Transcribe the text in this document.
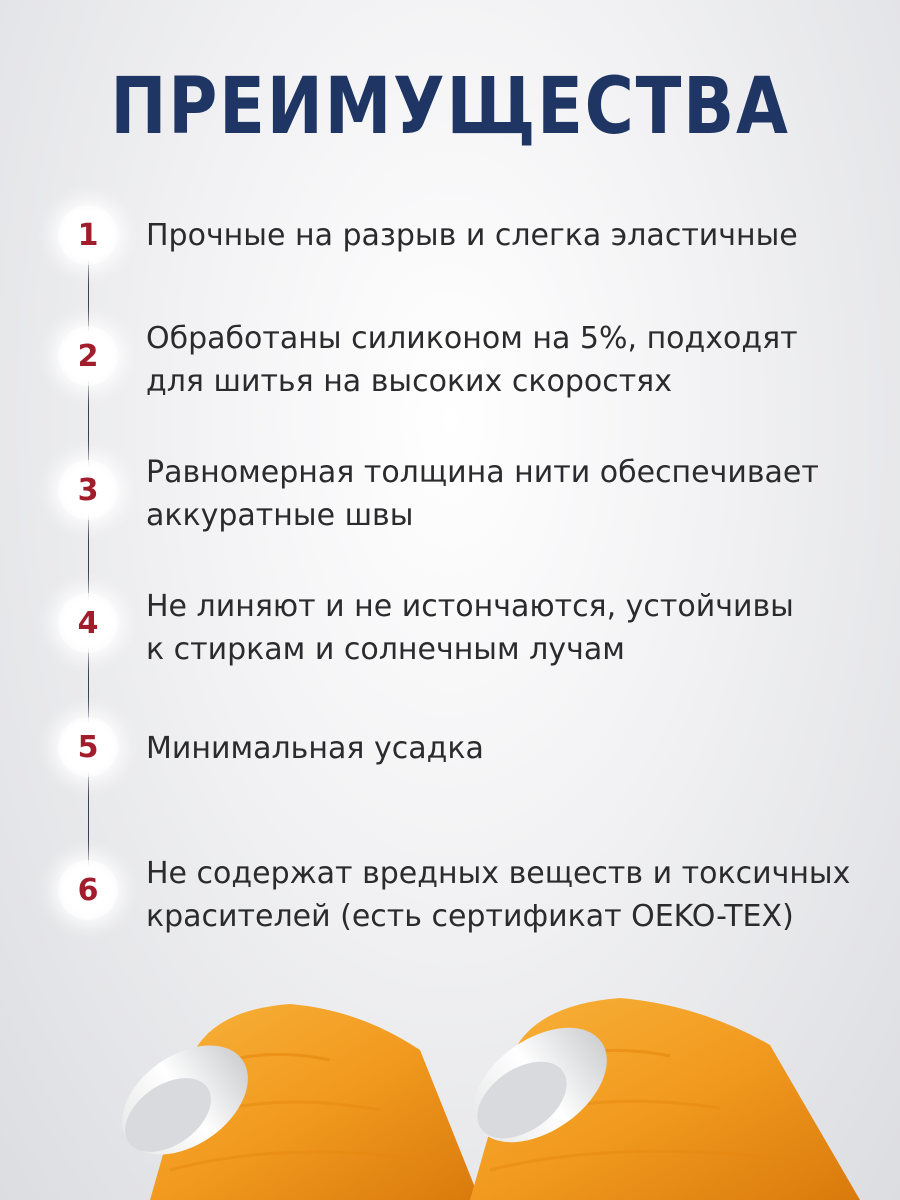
ПРЕИМУЩЕСТВА
1	Прочные на разрыв и слегка эластичные
2	Обработаны силиконом на 5%, подходят
для шитья на высоких скоростях
3	Равномерная толщина нити обеспечивает
аккуратные швы
4	Не линяют и не истончаются, устойчивы
к стиркам и солнечным лучам
5	Минимальная усадка
6	Не содержат вредных веществ и токсичных
красителей (есть сертификат OEKO-TEX)
